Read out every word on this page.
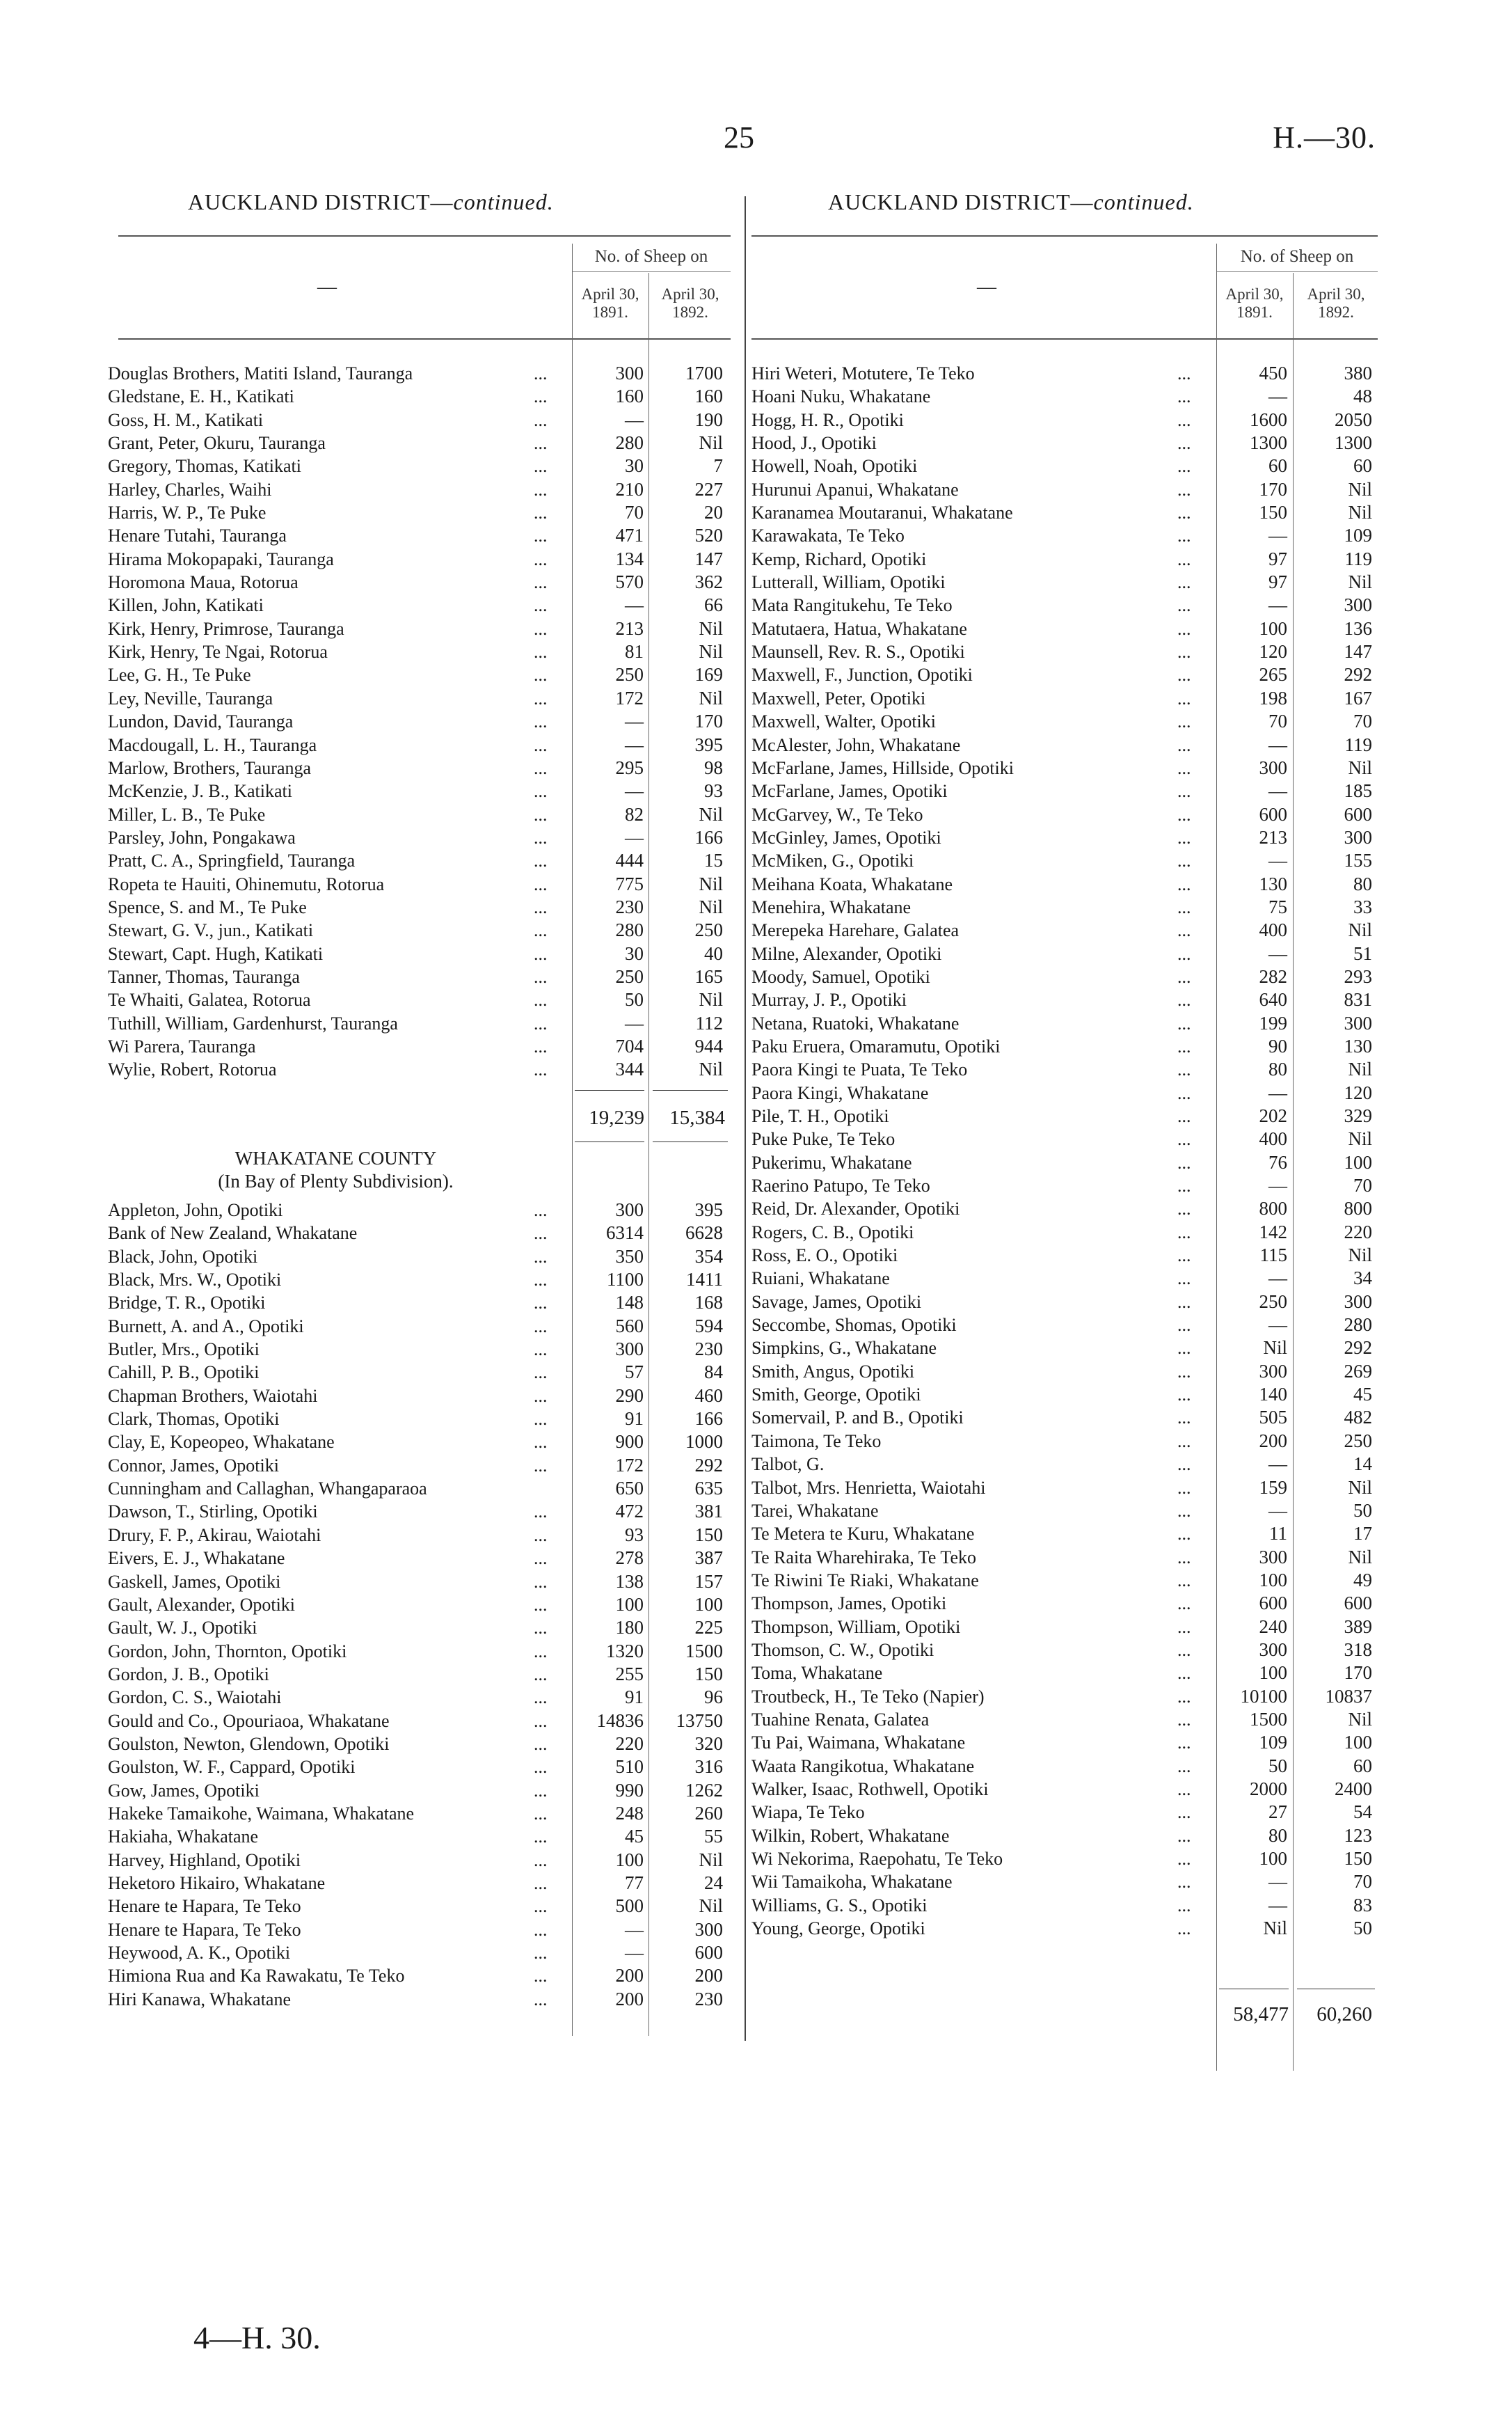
25	H.—30.
AUCKLAND DISTRICT—continued.	AUCKLAND DISTRICT—continued.
No. of Sheep on
April 30, 1891.
April 30, 1892.
—
No. of Sheep on
April 30, 1891.
April 30, 1892.
—
Douglas Brothers, Matiti Island, Tauranga	...	300	1700
Gledstane, E. H., Katikati	...	160	160
Goss, H. M., Katikati	...	—	190
Grant, Peter, Okuru, Tauranga	...	280	Nil
Gregory, Thomas, Katikati	...	30	7
Harley, Charles, Waihi	...	210	227
Harris, W. P., Te Puke	...	70	20
Henare Tutahi, Tauranga	...	471	520
Hirama Mokopapaki, Tauranga	...	134	147
Horomona Maua, Rotorua	...	570	362
Killen, John, Katikati	...	—	66
Kirk, Henry, Primrose, Tauranga	...	213	Nil
Kirk, Henry, Te Ngai, Rotorua	...	81	Nil
Lee, G. H., Te Puke	...	250	169
Ley, Neville, Tauranga	...	172	Nil
Lundon, David, Tauranga	...	—	170
Macdougall, L. H., Tauranga	...	—	395
Marlow, Brothers, Tauranga	...	295	98
McKenzie, J. B., Katikati	...	—	93
Miller, L. B., Te Puke	...	82	Nil
Parsley, John, Pongakawa	...	—	166
Pratt, C. A., Springfield, Tauranga	...	444	15
Ropeta te Hauiti, Ohinemutu, Rotorua	...	775	Nil
Spence, S. and M., Te Puke	...	230	Nil
Stewart, G. V., jun., Katikati	...	280	250
Stewart, Capt. Hugh, Katikati	...	30	40
Tanner, Thomas, Tauranga	...	250	165
Te Whaiti, Galatea, Rotorua	...	50	Nil
Tuthill, William, Gardenhurst, Tauranga	...	—	112
Wi Parera, Tauranga	...	704	944
Wylie, Robert, Rotorua	...	344	Nil
19,239	15,384
WHAKATANE COUNTY
(In Bay of Plenty Subdivision).
Appleton, John, Opotiki	...	300	395
Bank of New Zealand, Whakatane	...	6314	6628
Black, John, Opotiki	...	350	354
Black, Mrs. W., Opotiki	...	1100	1411
Bridge, T. R., Opotiki	...	148	168
Burnett, A. and A., Opotiki	...	560	594
Butler, Mrs., Opotiki	...	300	230
Cahill, P. B., Opotiki	...	57	84
Chapman Brothers, Waiotahi	...	290	460
Clark, Thomas, Opotiki	...	91	166
Clay, E, Kopeopeo, Whakatane	...	900	1000
Connor, James, Opotiki	...	172	292
Cunningham and Callaghan, Whangaparaoa	650	635
Dawson, T., Stirling, Opotiki	...	472	381
Drury, F. P., Akirau, Waiotahi	...	93	150
Eivers, E. J., Whakatane	...	278	387
Gaskell, James, Opotiki	...	138	157
Gault, Alexander, Opotiki	...	100	100
Gault, W. J., Opotiki	...	180	225
Gordon, John, Thornton, Opotiki	...	1320	1500
Gordon, J. B., Opotiki	...	255	150
Gordon, C. S., Waiotahi	...	91	96
Gould and Co., Opouriaoa, Whakatane	...	14836	13750
Goulston, Newton, Glendown, Opotiki	...	220	320
Goulston, W. F., Cappard, Opotiki	...	510	316
Gow, James, Opotiki	...	990	1262
Hakeke Tamaikohe, Waimana, Whakatane	...	248	260
Hakiaha, Whakatane	...	45	55
Harvey, Highland, Opotiki	...	100	Nil
Heketoro Hikairo, Whakatane	...	77	24
Henare te Hapara, Te Teko	...	500	Nil
Henare te Hapara, Te Teko	...	—	300
Heywood, A. K., Opotiki	...	—	600
Himiona Rua and Ka Rawakatu, Te Teko	...	200	200
Hiri Kanawa, Whakatane	...	200	230
Hiri Weteri, Motutere, Te Teko	...	450	380
Hoani Nuku, Whakatane	...	—	48
Hogg, H. R., Opotiki	...	1600	2050
Hood, J., Opotiki	...	1300	1300
Howell, Noah, Opotiki	...	60	60
Hurunui Apanui, Whakatane	...	170	Nil
Karanamea Moutaranui, Whakatane	...	150	Nil
Karawakata, Te Teko	...	—	109
Kemp, Richard, Opotiki	...	97	119
Lutterall, William, Opotiki	...	97	Nil
Mata Rangitukehu, Te Teko	...	—	300
Matutaera, Hatua, Whakatane	...	100	136
Maunsell, Rev. R. S., Opotiki	...	120	147
Maxwell, F., Junction, Opotiki	...	265	292
Maxwell, Peter, Opotiki	...	198	167
Maxwell, Walter, Opotiki	...	70	70
McAlester, John, Whakatane	...	—	119
McFarlane, James, Hillside, Opotiki	...	300	Nil
McFarlane, James, Opotiki	...	—	185
McGarvey, W., Te Teko	...	600	600
McGinley, James, Opotiki	...	213	300
McMiken, G., Opotiki	...	—	155
Meihana Koata, Whakatane	...	130	80
Menehira, Whakatane	...	75	33
Merepeka Harehare, Galatea	...	400	Nil
Milne, Alexander, Opotiki	...	—	51
Moody, Samuel, Opotiki	...	282	293
Murray, J. P., Opotiki	...	640	831
Netana, Ruatoki, Whakatane	...	199	300
Paku Eruera, Omaramutu, Opotiki	...	90	130
Paora Kingi te Puata, Te Teko	...	80	Nil
Paora Kingi, Whakatane	...	—	120
Pile, T. H., Opotiki	...	202	329
Puke Puke, Te Teko	...	400	Nil
Pukerimu, Whakatane	...	76	100
Raerino Patupo, Te Teko	...	—	70
Reid, Dr. Alexander, Opotiki	...	800	800
Rogers, C. B., Opotiki	...	142	220
Ross, E. O., Opotiki	...	115	Nil
Ruiani, Whakatane	...	—	34
Savage, James, Opotiki	...	250	300
Seccombe, Shomas, Opotiki	...	—	280
Simpkins, G., Whakatane	...	Nil	292
Smith, Angus, Opotiki	...	300	269
Smith, George, Opotiki	...	140	45
Somervail, P. and B., Opotiki	...	505	482
Taimona, Te Teko	...	200	250
Talbot, G.	...	—	14
Talbot, Mrs. Henrietta, Waiotahi	...	159	Nil
Tarei, Whakatane	...	—	50
Te Metera te Kuru, Whakatane	...	11	17
Te Raita Wharehiraka, Te Teko	...	300	Nil
Te Riwini Te Riaki, Whakatane	...	100	49
Thompson, James, Opotiki	...	600	600
Thompson, William, Opotiki	...	240	389
Thomson, C. W., Opotiki	...	300	318
Toma, Whakatane	...	100	170
Troutbeck, H., Te Teko (Napier)	...	10100	10837
Tuahine Renata, Galatea	...	1500	Nil
Tu Pai, Waimana, Whakatane	...	109	100
Waata Rangikotua, Whakatane	...	50	60
Walker, Isaac, Rothwell, Opotiki	...	2000	2400
Wiapa, Te Teko	...	27	54
Wilkin, Robert, Whakatane	...	80	123
Wi Nekorima, Raepohatu, Te Teko	...	100	150
Wii Tamaikoha, Whakatane	...	—	70
Williams, G. S., Opotiki	...	—	83
Young, George, Opotiki	...	Nil	50
58,477	60,260
4—H. 30.
